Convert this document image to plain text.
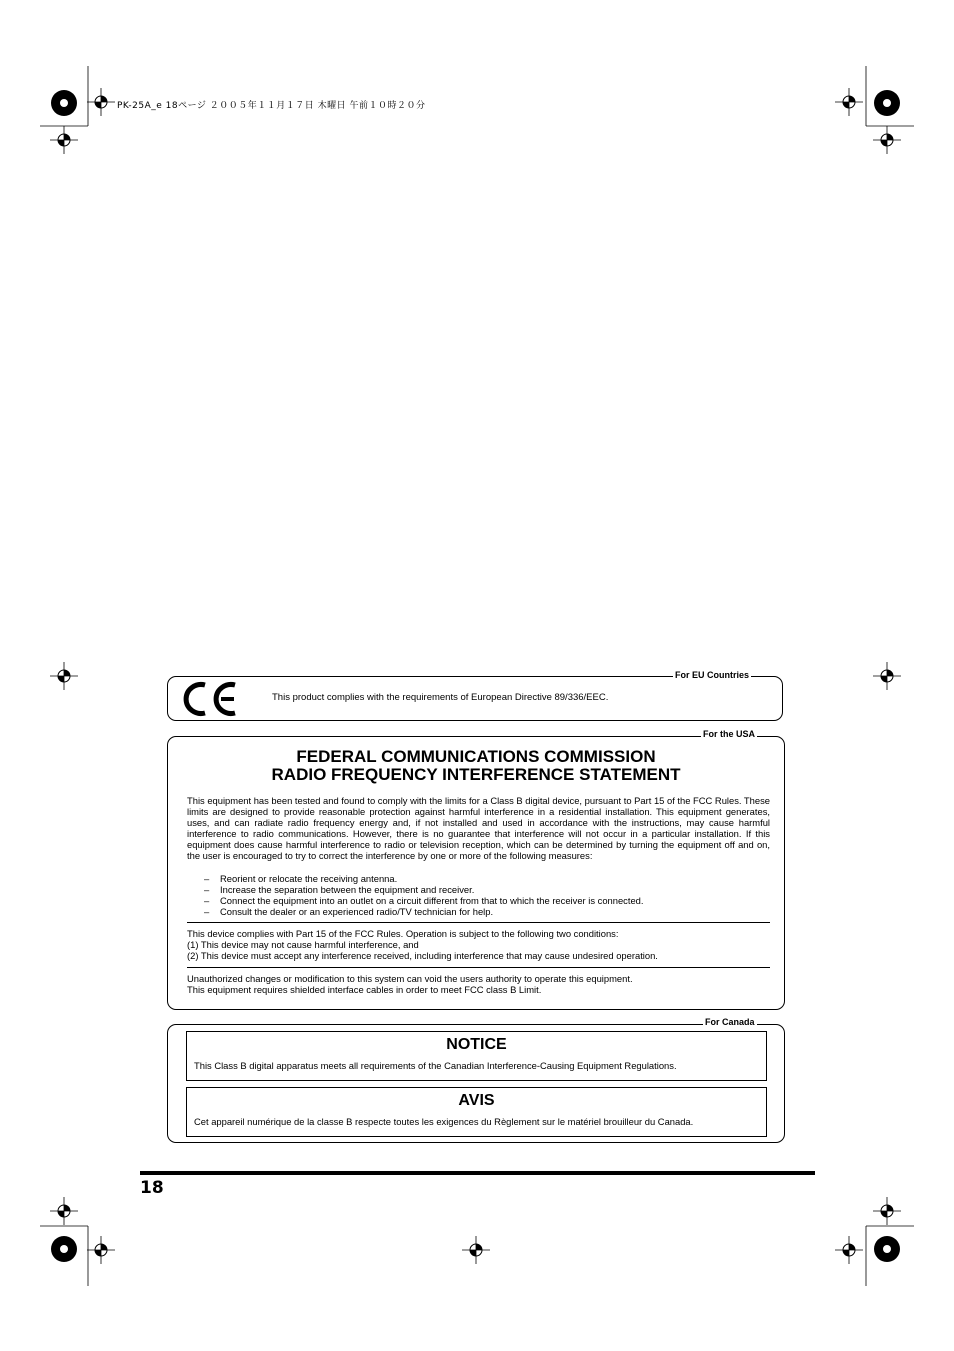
PK-25A_e 18ページ ２００５年１１月１７日 木曜日 午前１０時２０分
For EU Countries
This product complies with the requirements of European Directive 89/336/EEC.
For the USA
FEDERAL COMMUNICATIONS COMMISSION
RADIO FREQUENCY INTERFERENCE STATEMENT
This equipment has been tested and found to comply with the limits for a Class B digital device, pursuant to Part 15 of the FCC Rules. These limits are designed to provide reasonable protection against harmful interference in a residential installation. This equipment generates, uses, and can radiate radio frequency energy and, if not installed and used in accordance with the instructions, may cause harmful interference to radio communications. However, there is no guarantee that interference will not occur in a particular installation. If this equipment does cause harmful interference to radio or television reception, which can be determined by turning the equipment off and on, the user is encouraged to try to correct the interference by one or more of the following measures:
– Reorient or relocate the receiving antenna.
– Increase the separation between the equipment and receiver.
– Connect the equipment into an outlet on a circuit different from that to which the receiver is connected.
– Consult the dealer or an experienced radio/TV technician for help.
This device complies with Part 15 of the FCC Rules. Operation is subject to the following two conditions:
(1) This device may not cause harmful interference, and
(2) This device must accept any interference received, including interference that may cause undesired operation.
Unauthorized changes or modification to this system can void the users authority to operate this equipment.
This equipment requires shielded interface cables in order to meet FCC class B Limit.
For Canada
NOTICE
This Class B digital apparatus meets all requirements of the Canadian Interference-Causing Equipment Regulations.
AVIS
Cet appareil numérique de la classe B respecte toutes les exigences du Règlement sur le matériel brouilleur du Canada.
18
